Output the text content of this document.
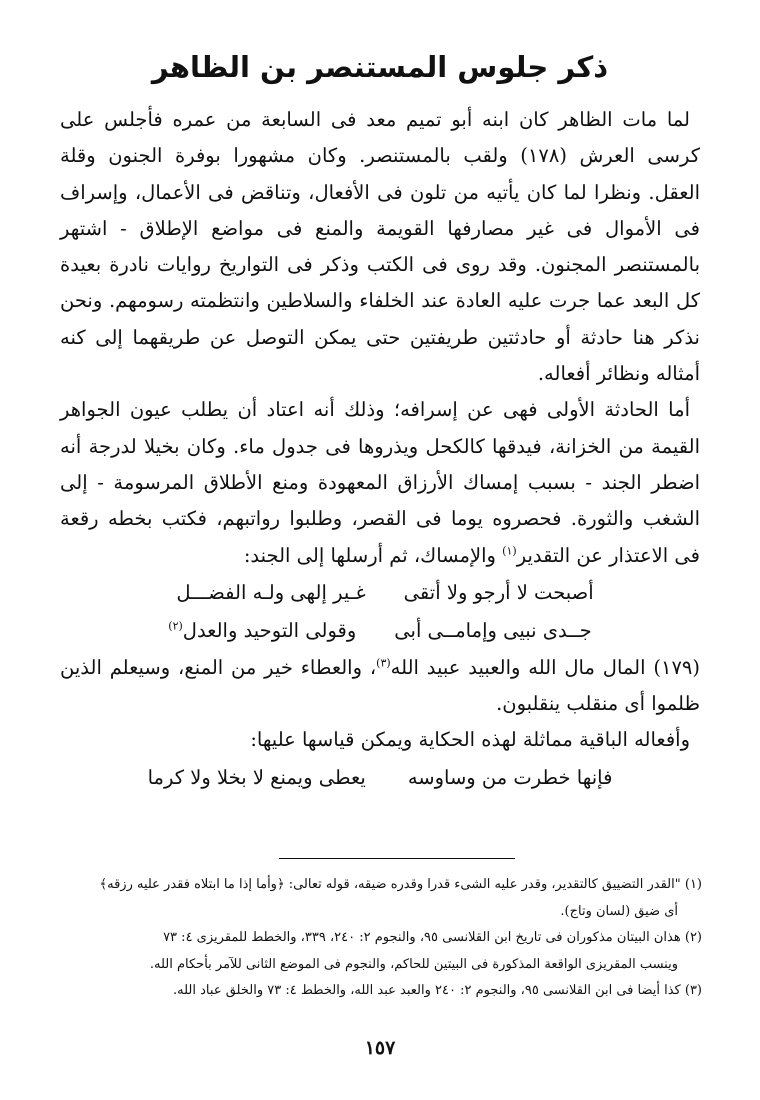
ذكر جلوس المستنصر بن الظاهر

لما مات الظاهر كان ابنه أبو تميم معد فى السابعة من عمره فأجلس على كرسى العرش (١٧٨) ولقب بالمستنصر. وكان مشهورا بوفرة الجنون وقلة العقل. ونظرا لما كان يأتيه من تلون فى الأفعال، وتناقض فى الأعمال، وإسراف فى الأموال فى غير مصارفها القويمة والمنع فى مواضع الإطلاق - اشتهر بالمستنصر المجنون. وقد روى فى الكتب وذكر فى التواريخ روايات نادرة بعيدة كل البعد عما جرت عليه العادة عند الخلفاء والسلاطين وانتظمته رسومهم. ونحن نذكر هنا حادثة أو حادثتين طريفتين حتى يمكن التوصل عن طريقهما إلى كنه أمثاله ونظائر أفعاله.

أما الحادثة الأولى فهى عن إسرافه؛ وذلك أنه اعتاد أن يطلب عيون الجواهر القيمة من الخزانة، فيدقها كالكحل ويذروها فى جدول ماء. وكان بخيلا لدرجة أنه اضطر الجند - بسبب إمساك الأرزاق المعهودة ومنع الأطلاق المرسومة - إلى الشغب والثورة. فحصروه يوما فى القصر، وطلبوا رواتبهم، فكتب بخطه رقعة فى الاعتذار عن التقدير$^{(١)}$ والإمساك، ثم أرسلها إلى الجند:

أصبحت لا أرجو ولا أتقى
غـير إلهى ولـه الفضـــل
جــدى نبيى وإمامــى أبى
وقولى التوحيد والعدل$^{(٢)}$

(١٧٩) المال مال الله والعبيد عبيد الله$^{(٣)}$، والعطاء خير من المنع، وسيعلم الذين ظلموا أى منقلب ينقلبون.

وأفعاله الباقية مماثلة لهذه الحكاية ويمكن قياسها عليها:

فإنها خطرت من وساوسه
يعطى ويمنع لا بخلا ولا كرما

(١) "القدر التضييق كالتقدير، وقدر عليه الشىء قدرا وقدره ضيقه، قوله تعالى: ﴿وأما إذا ما ابتلاه فقدر عليه رزقه﴾

أى ضيق (لسان وتاج).

(٢) هذان البيتان مذكوران فى تاريخ ابن القلانسى ٩٥، والنجوم ٢: ٢٤٠، ٣٣٩، والخطط للمقريزى ٤: ٧٣

وينسب المقريزى الواقعة المذكورة فى البيتين للحاكم، والنجوم فى الموضع الثانى للآمر بأحكام الله.

(٣) كذا أيضا فى ابن القلانسى ٩٥، والنجوم ٢: ٢٤٠ والعبد عبد الله، والخطط ٤: ٧٣ والخلق عباد الله.

١٥٧
